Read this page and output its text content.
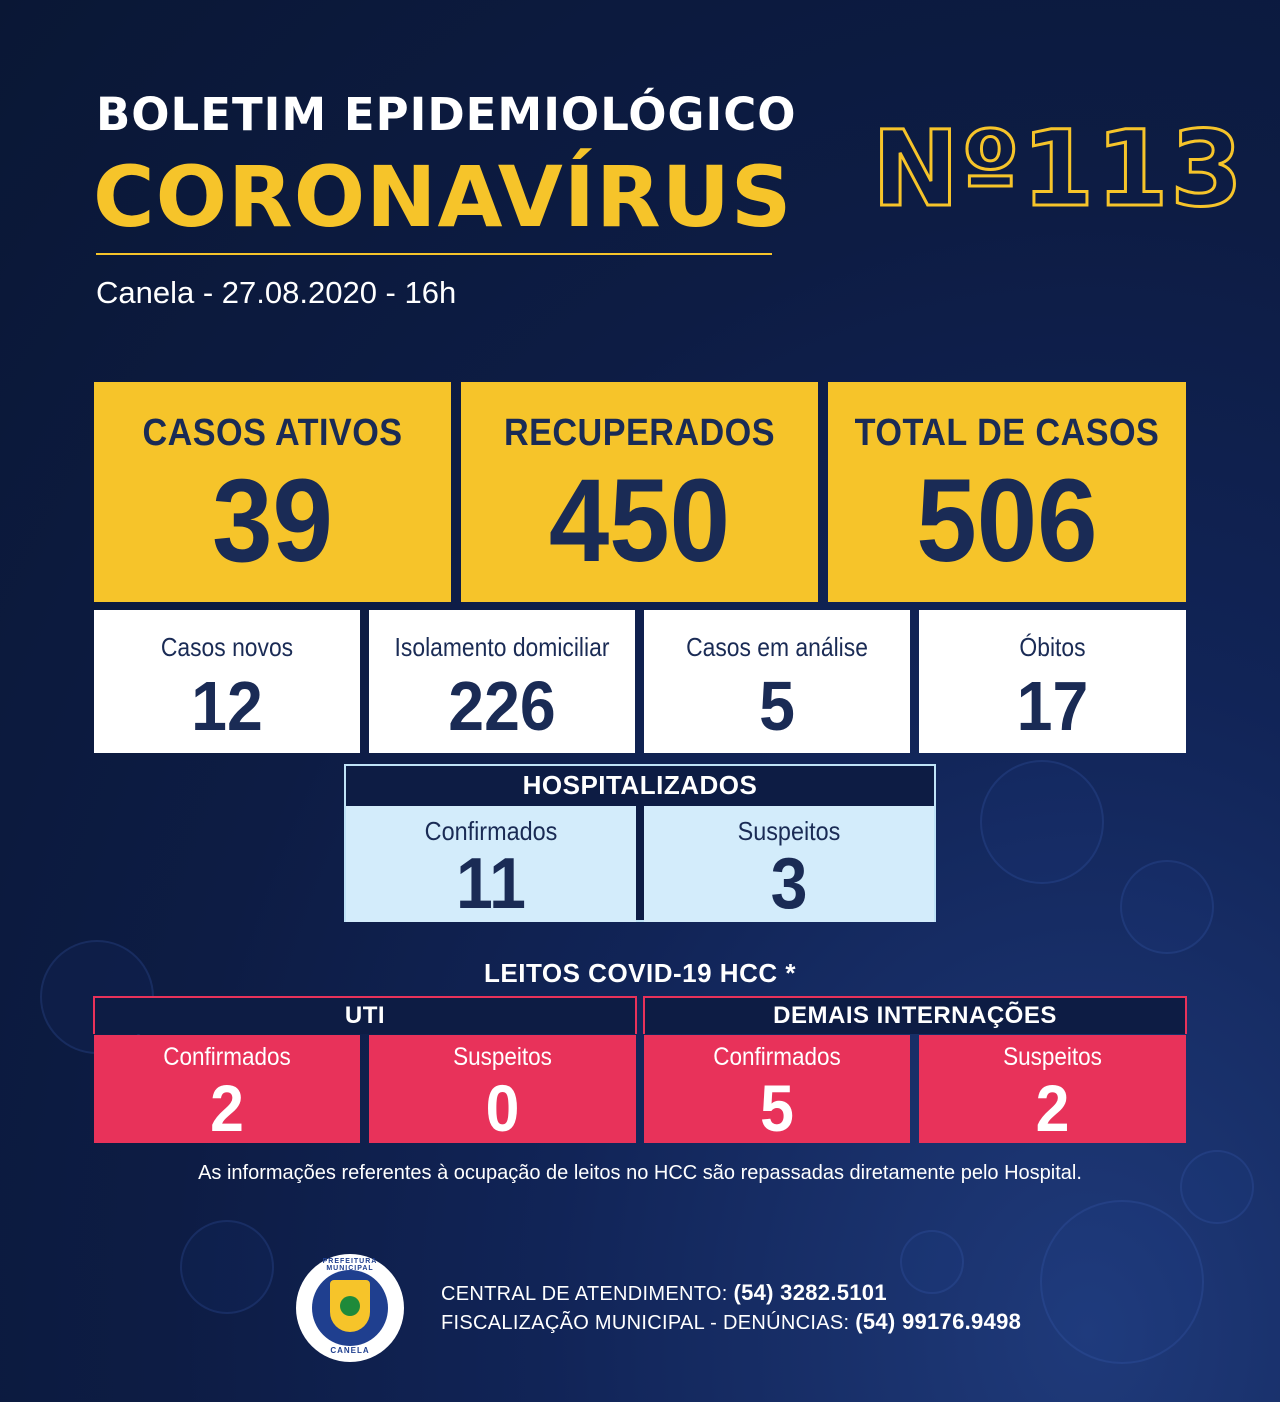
BOLETIM EPIDEMIOLÓGICO
CORONAVÍRUS
Canela - 27.08.2020 - 16h
Nº113
CASOS ATIVOS
39
RECUPERADOS
450
TOTAL DE CASOS
506
Casos novos
12
Isolamento domiciliar
226
Casos em análise
5
Óbitos
17
HOSPITALIZADOS
Confirmados
11
Suspeitos
3
LEITOS COVID-19 HCC *
UTI	DEMAIS INTERNAÇÕES
Confirmados
2
Suspeitos
0
Confirmados
5
Suspeitos
2
As informações referentes à ocupação de leitos no HCC são repassadas diretamente pelo Hospital.
PREFEITURA MUNICIPAL
CANELA
CENTRAL DE ATENDIMENTO: (54) 3282.5101
FISCALIZAÇÃO MUNICIPAL - DENÚNCIAS: (54) 99176.9498
